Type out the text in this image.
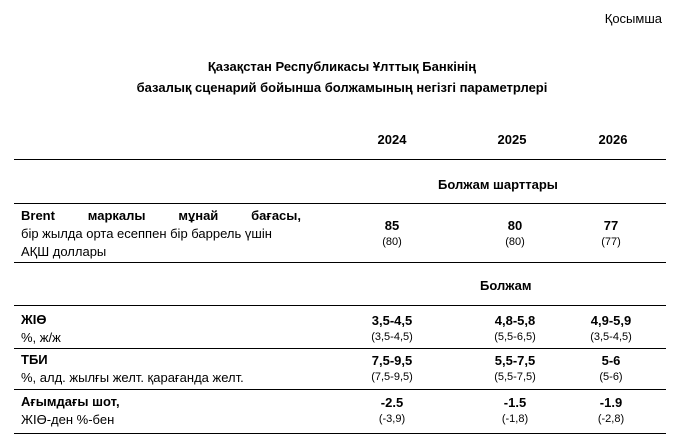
Қосымша
Қазақстан Республикасы Ұлттық Банкінің
базалық сценарий бойынша болжамының негізгі параметрлері
2024	2025	2026
Болжам шарттары
Brent маркалы мұнай бағасы,
бір жылда орта есеппен бір баррель үшін
АҚШ доллары
85
(80)
80
(80)
77
(77)
Болжам
ЖІӨ
%, ж/ж
3,5-4,5
(3,5-4,5)
4,8-5,8
(5,5-6,5)
4,9-5,9
(3,5-4,5)
ТБИ
%, алд. жылғы желт. қарағанда желт.
7,5-9,5
(7,5-9,5)
5,5-7,5
(5,5-7,5)
5-6
(5-6)
Ағымдағы шот,
ЖІӨ-ден %-бен
-2.5
(-3,9)
-1.5
(-1,8)
-1.9
(-2,8)
